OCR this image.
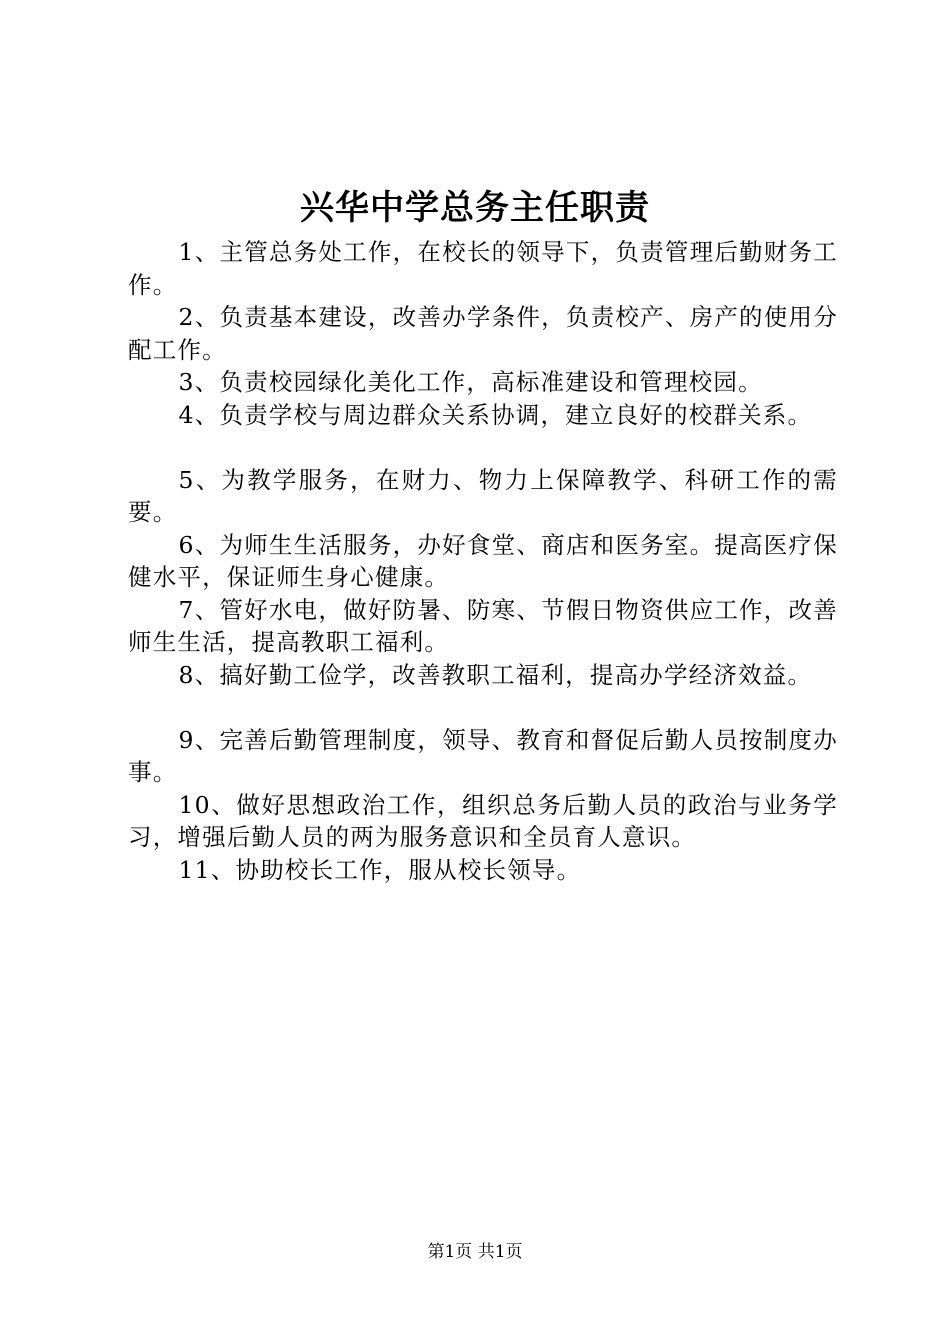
兴华中学总务主任职责

1、主管总务处工作，在校长的领导下，负责管理后勤财务工作。

2、负责基本建设，改善办学条件，负责校产、房产的使用分配工作。

3、负责校园绿化美化工作，高标准建设和管理校园。

4、负责学校与周边群众关系协调，建立良好的校群关系。

5、为教学服务，在财力、物力上保障教学、科研工作的需要。

6、为师生生活服务，办好食堂、商店和医务室。提高医疗保健水平，保证师生身心健康。

7、管好水电，做好防暑、防寒、节假日物资供应工作，改善师生生活，提高教职工福利。

8、搞好勤工俭学，改善教职工福利，提高办学经济效益。

9、完善后勤管理制度，领导、教育和督促后勤人员按制度办事。

10、做好思想政治工作，组织总务后勤人员的政治与业务学习，增强后勤人员的两为服务意识和全员育人意识。

11、协助校长工作，服从校长领导。

第1页 共1页
